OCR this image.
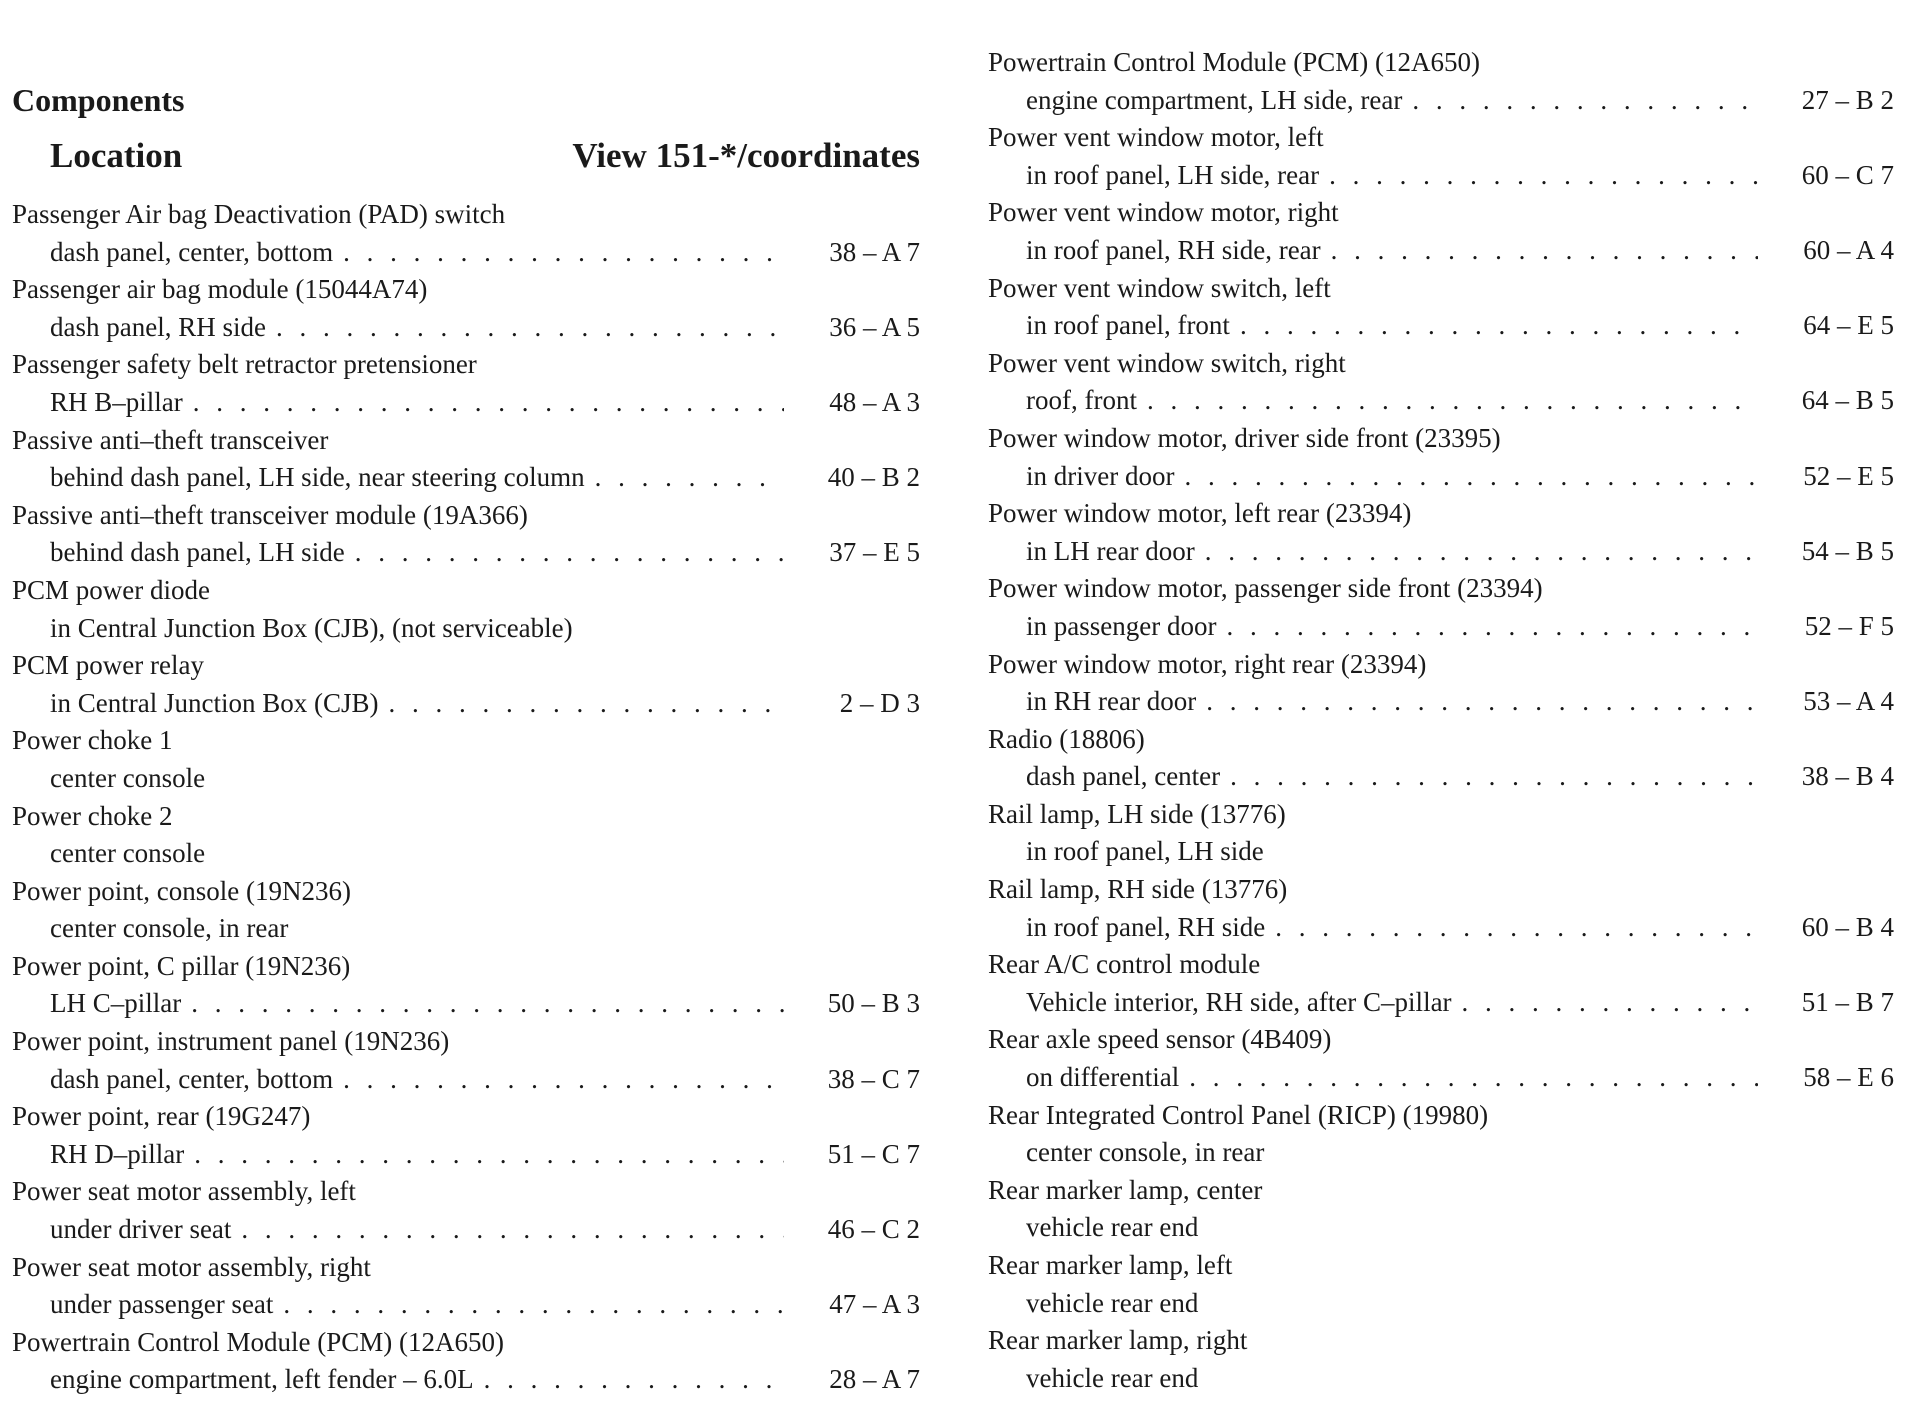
Components
Location	View 151-*/coordinates
Passenger Air bag Deactivation (PAD) switch
dash panel, center, bottom . . .	38 – A 7
Passenger air bag module (15044A74)
dash panel, RH side . . .	36 – A 5
Passenger safety belt retractor pretensioner
RH B–pillar . . .	48 – A 3
Passive anti–theft transceiver
behind dash panel, LH side, near steering column . . .	40 – B 2
Passive anti–theft transceiver module (19A366)
behind dash panel, LH side . . .	37 – E 5
PCM power diode
in Central Junction Box (CJB), (not serviceable)
PCM power relay
in Central Junction Box (CJB) . . .	2 – D 3
Power choke 1
center console
Power choke 2
center console
Power point, console (19N236)
center console, in rear
Power point, C pillar (19N236)
LH C–pillar . . .	50 – B 3
Power point, instrument panel (19N236)
dash panel, center, bottom . . .	38 – C 7
Power point, rear (19G247)
RH D–pillar . . .	51 – C 7
Power seat motor assembly, left
under driver seat . . .	46 – C 2
Power seat motor assembly, right
under passenger seat . . .	47 – A 3
Powertrain Control Module (PCM) (12A650)
engine compartment, left fender – 6.0L . . .	28 – A 7
Powertrain Control Module (PCM) (12A650)
engine compartment, LH side, rear . . .	27 – B 2
Power vent window motor, left
in roof panel, LH side, rear . . .	60 – C 7
Power vent window motor, right
in roof panel, RH side, rear . . .	60 – A 4
Power vent window switch, left
in roof panel, front . . .	64 – E 5
Power vent window switch, right
roof, front . . .	64 – B 5
Power window motor, driver side front (23395)
in driver door . . .	52 – E 5
Power window motor, left rear (23394)
in LH rear door . . .	54 – B 5
Power window motor, passenger side front (23394)
in passenger door . . .	52 – F 5
Power window motor, right rear (23394)
in RH rear door . . .	53 – A 4
Radio (18806)
dash panel, center . . .	38 – B 4
Rail lamp, LH side (13776)
in roof panel, LH side
Rail lamp, RH side (13776)
in roof panel, RH side . . .	60 – B 4
Rear A/C control module
Vehicle interior, RH side, after C–pillar . . .	51 – B 7
Rear axle speed sensor (4B409)
on differential . . .	58 – E 6
Rear Integrated Control Panel (RICP) (19980)
center console, in rear
Rear marker lamp, center
vehicle rear end
Rear marker lamp, left
vehicle rear end
Rear marker lamp, right
vehicle rear end
